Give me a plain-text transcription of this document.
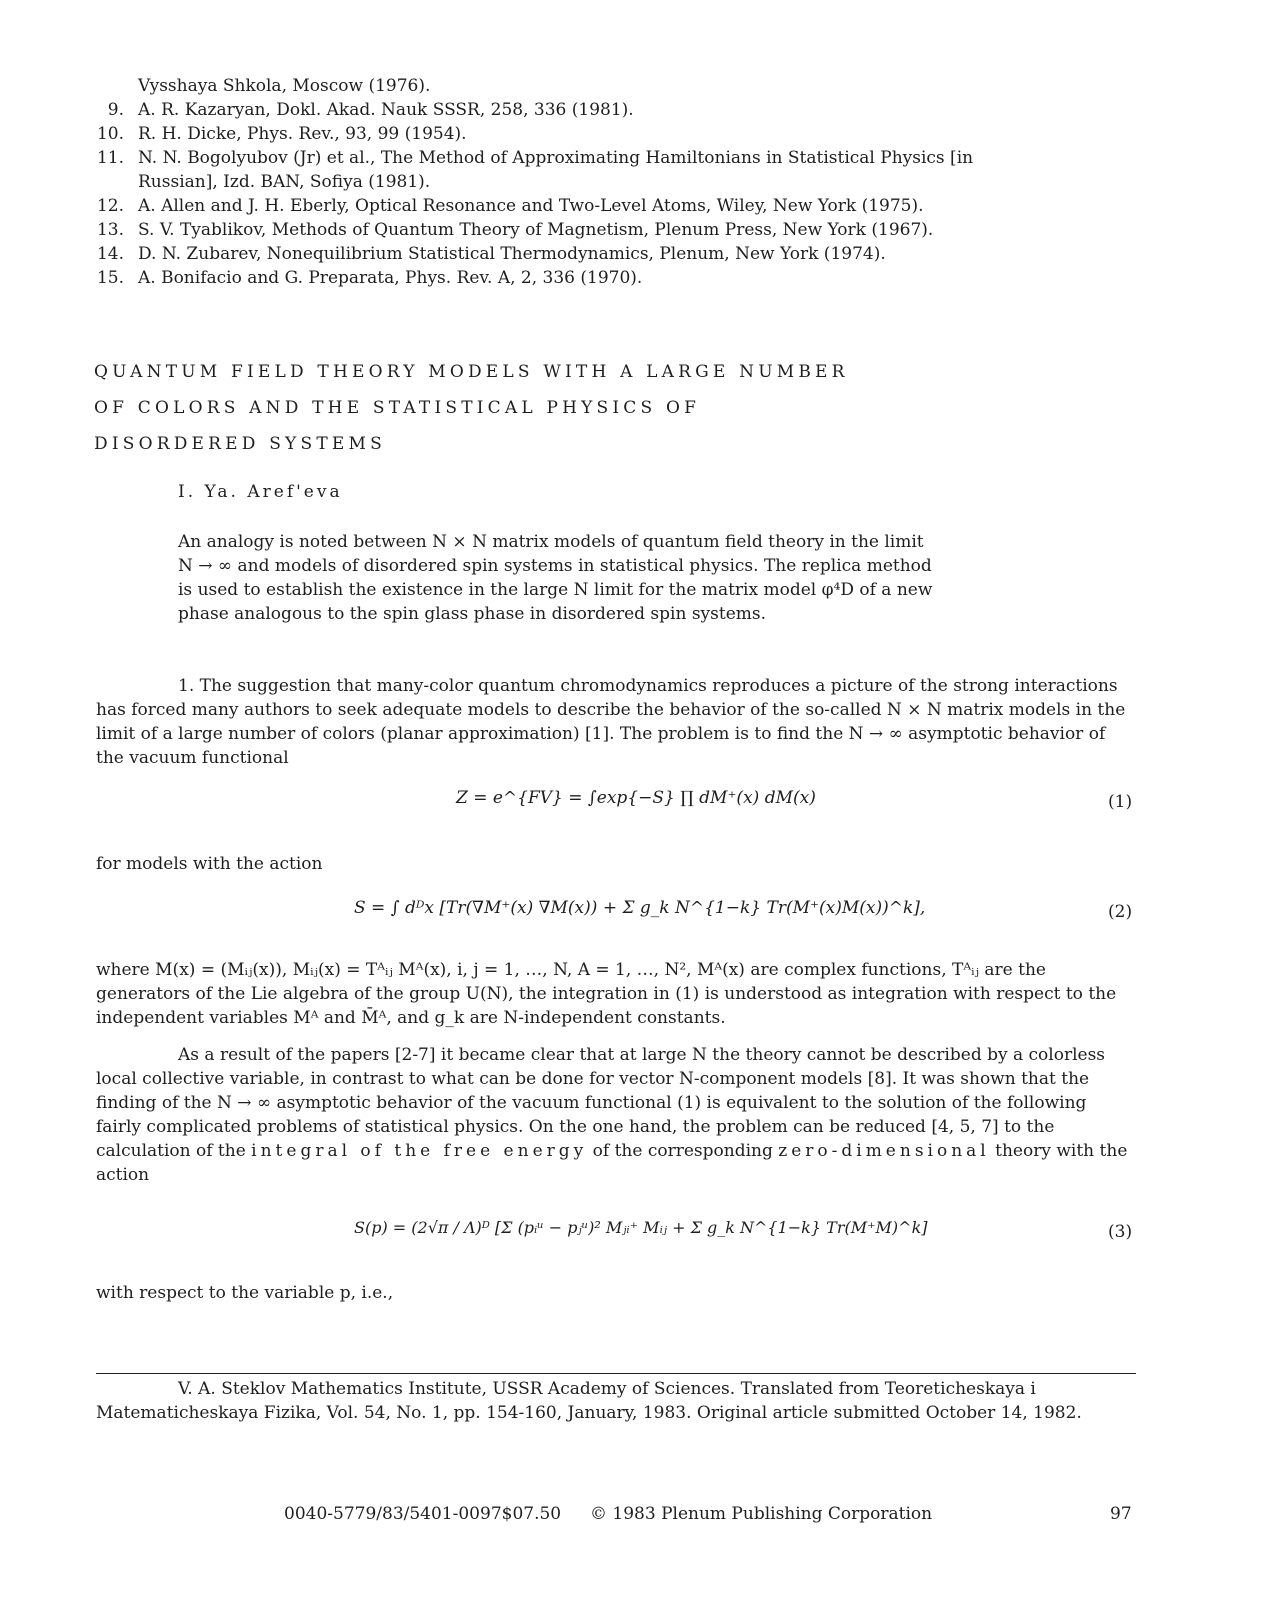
Vysshaya Shkola, Moscow (1976).
9. A. R. Kazaryan, Dokl. Akad. Nauk SSSR, 258, 336 (1981).
10. R. H. Dicke, Phys. Rev., 93, 99 (1954).
11. N. N. Bogolyubov (Jr) et al., The Method of Approximating Hamiltonians in Statistical Physics [in
Russian], Izd. BAN, Sofiya (1981).
12. A. Allen and J. H. Eberly, Optical Resonance and Two-Level Atoms, Wiley, New York (1975).
13. S. V. Tyablikov, Methods of Quantum Theory of Magnetism, Plenum Press, New York (1967).
14. D. N. Zubarev, Nonequilibrium Statistical Thermodynamics, Plenum, New York (1974).
15. A. Bonifacio and G. Preparata, Phys. Rev. A, 2, 336 (1970).
QUANTUM FIELD THEORY MODELS WITH A LARGE NUMBER
OF COLORS AND THE STATISTICAL PHYSICS OF
DISORDERED SYSTEMS
I. Ya. Aref'eva
An analogy is noted between N × N matrix models of quantum field theory in the limit N → ∞ and models of disordered spin systems in statistical physics. The replica method is used to establish the existence in the large N limit for the matrix model φ⁴D of a new phase analogous to the spin glass phase in disordered spin systems.
1. The suggestion that many-color quantum chromodynamics reproduces a picture of the strong interactions has forced many authors to seek adequate models to describe the behavior of the so-called N × N matrix models in the limit of a large number of colors (planar approximation) [1]. The problem is to find the N → ∞ asymptotic behavior of the vacuum functional
Z = e^{FV} = ∫exp{−S} ∏ dM⁺(x) dM(x)	(1)
for models with the action
S = ∫ dᴰx [Tr(∇M⁺(x) ∇M(x)) + Σ g_k N^{1−k} Tr(M⁺(x)M(x))^k],	(2)
where M(x) = (Mᵢⱼ(x)), Mᵢⱼ(x) = Tᴬᵢⱼ Mᴬ(x), i, j = 1, …, N, A = 1, …, N², Mᴬ(x) are complex functions, Tᴬᵢⱼ are the generators of the Lie algebra of the group U(N), the integration in (1) is understood as integration with respect to the independent variables Mᴬ and M̄ᴬ, and g_k are N-independent constants.
As a result of the papers [2-7] it became clear that at large N the theory cannot be described by a colorless local collective variable, in contrast to what can be done for vector N-component models [8]. It was shown that the finding of the N → ∞ asymptotic behavior of the vacuum functional (1) is equivalent to the solution of the following fairly complicated problems of statistical physics. On the one hand, the problem can be reduced [4, 5, 7] to the calculation of the integral of the free energy of the corresponding zero-dimensional theory with the action
S(p) = (2√π / Λ)ᴰ [Σ (pᵢᵘ − pⱼᵘ)² Mⱼᵢ⁺ Mᵢⱼ + Σ g_k N^{1−k} Tr(M⁺M)^k]	(3)
with respect to the variable p, i.e.,
V. A. Steklov Mathematics Institute, USSR Academy of Sciences. Translated from Teoreticheskaya i Matematicheskaya Fizika, Vol. 54, No. 1, pp. 154-160, January, 1983. Original article submitted October 14, 1982.
0040-5779/83/5401-0097$07.50 © 1983 Plenum Publishing Corporation	97
